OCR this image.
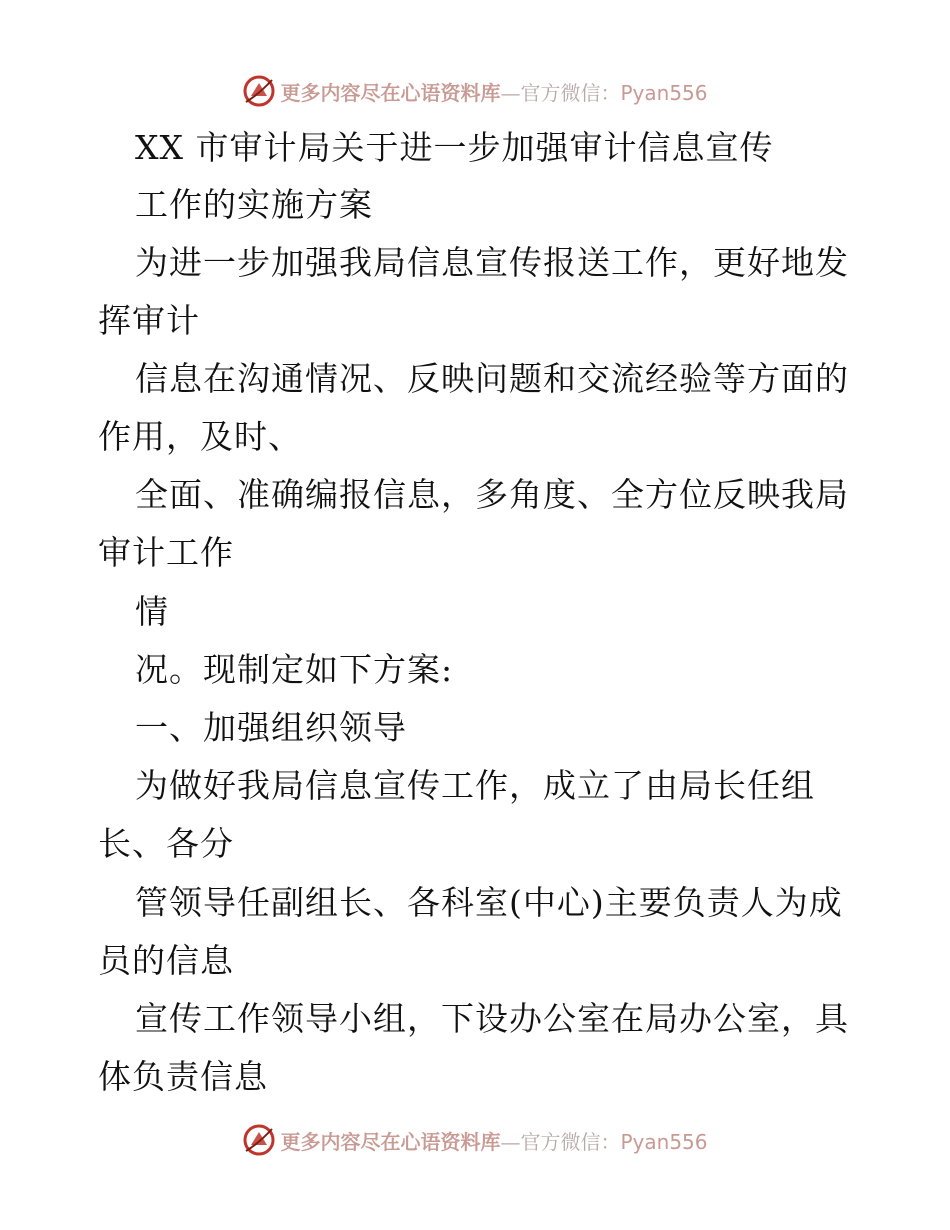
更多内容尽在心语资料库—官方微信：Pyan556
XX 市审计局关于进一步加强审计信息宣传
工作的实施方案
为进一步加强我局信息宣传报送工作，更好地发
挥审计
信息在沟通情况、反映问题和交流经验等方面的
作用，及时、
全面、准确编报信息，多角度、全方位反映我局
审计工作
情
况。现制定如下方案:
一、加强组织领导
为做好我局信息宣传工作，成立了由局长任组
长、各分
管领导任副组长、各科室(中心)主要负责人为成
员的信息
宣传工作领导小组，下设办公室在局办公室，具
体负责信息
更多内容尽在心语资料库—官方微信：Pyan556
